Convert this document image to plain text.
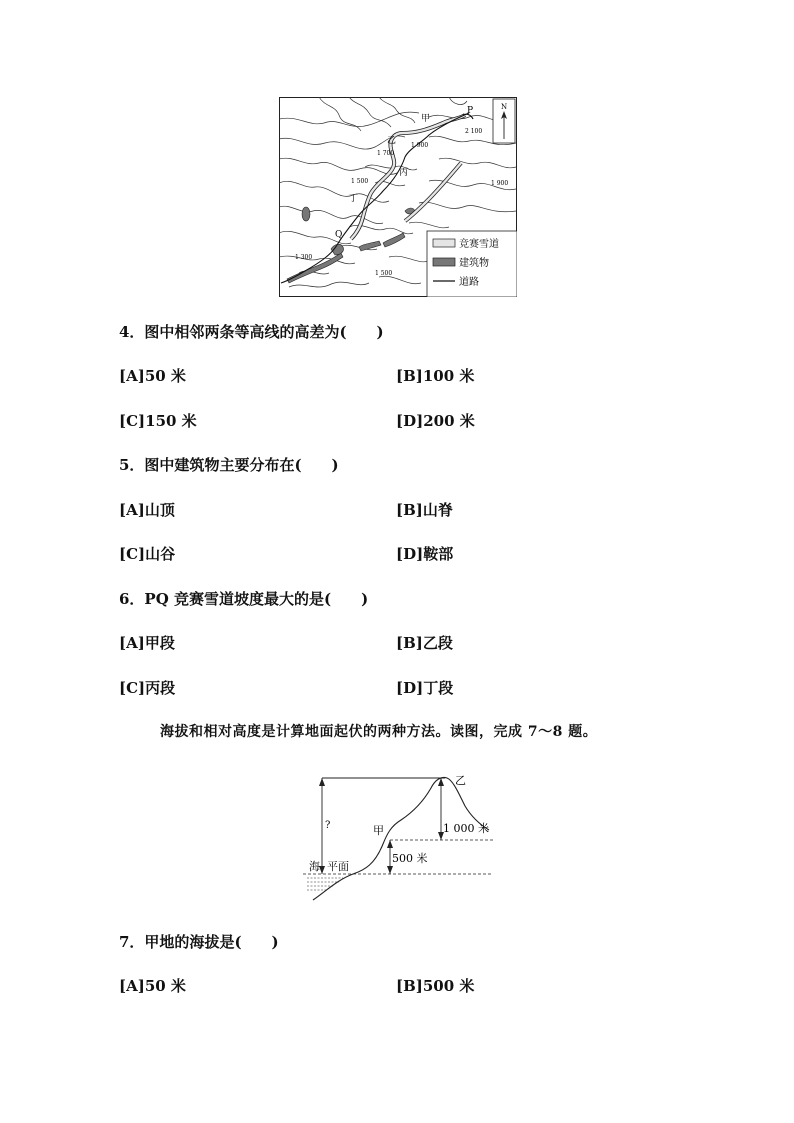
甲
乙
丙
丁
P
Q
2 100
1 900
1 700
1 500	1 900
1 300
1 500
N
竞赛雪道
建筑物
道路
4．图中相邻两条等高线的高差为(　　)
[A]50 米	[B]100 米
[C]150 米	[D]200 米
5．图中建筑物主要分布在(　　)
[A]山顶	[B]山脊
[C]山谷	[D]鞍部
6．PQ 竞赛雪道坡度最大的是(　　)
[A]甲段	[B]乙段
[C]丙段	[D]丁段
海拔和相对高度是计算地面起伏的两种方法。读图，完成 7～8 题。
乙
甲
?	1 000 米
500 米
海 平面
7．甲地的海拔是(　　)
[A]50 米	[B]500 米
